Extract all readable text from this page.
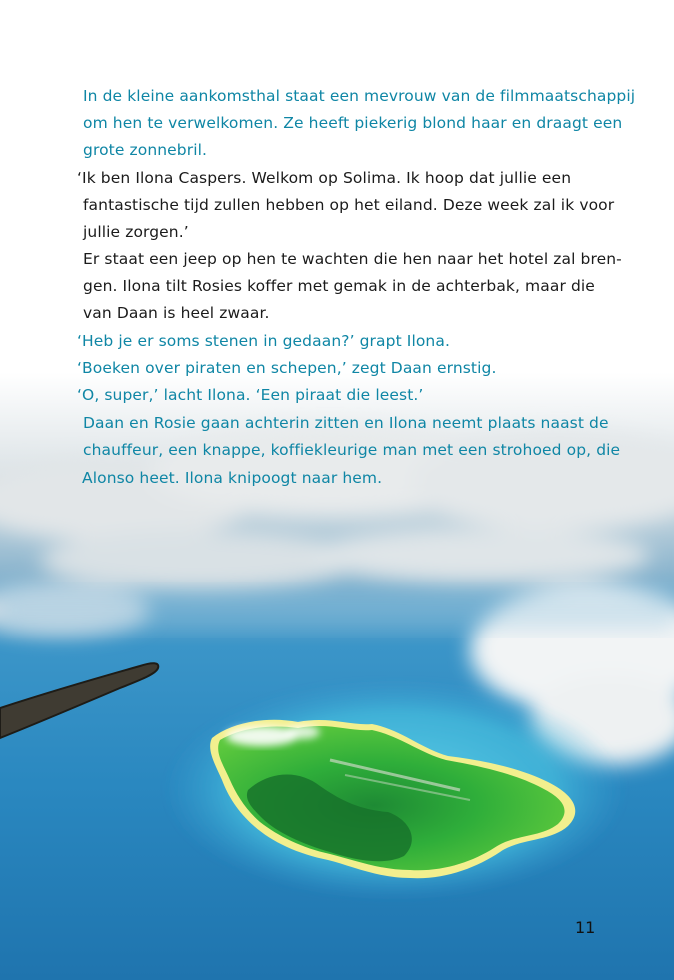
In de kleine aankomsthal staat een mevrouw van de filmmaatschappij
om hen te verwelkomen. Ze heeft piekerig blond haar en draagt een
grote zonnebril.
‘Ik ben Ilona Caspers. Welkom op Solima. Ik hoop dat jullie een
fantastische tijd zullen hebben op het eiland. Deze week zal ik voor
jullie zorgen.’
Er staat een jeep op hen te wachten die hen naar het hotel zal bren-
gen. Ilona tilt Rosies koffer met gemak in de achterbak, maar die
van Daan is heel zwaar.
‘Heb je er soms stenen in gedaan?’ grapt Ilona.
‘Boeken over piraten en schepen,’ zegt Daan ernstig.
‘O, super,’ lacht Ilona. ‘Een piraat die leest.’
Daan en Rosie gaan achterin zitten en Ilona neemt plaats naast de
chauffeur, een knappe, koffiekleurige man met een strohoed op, die
Alonso heet. Ilona knipoogt naar hem.
11
